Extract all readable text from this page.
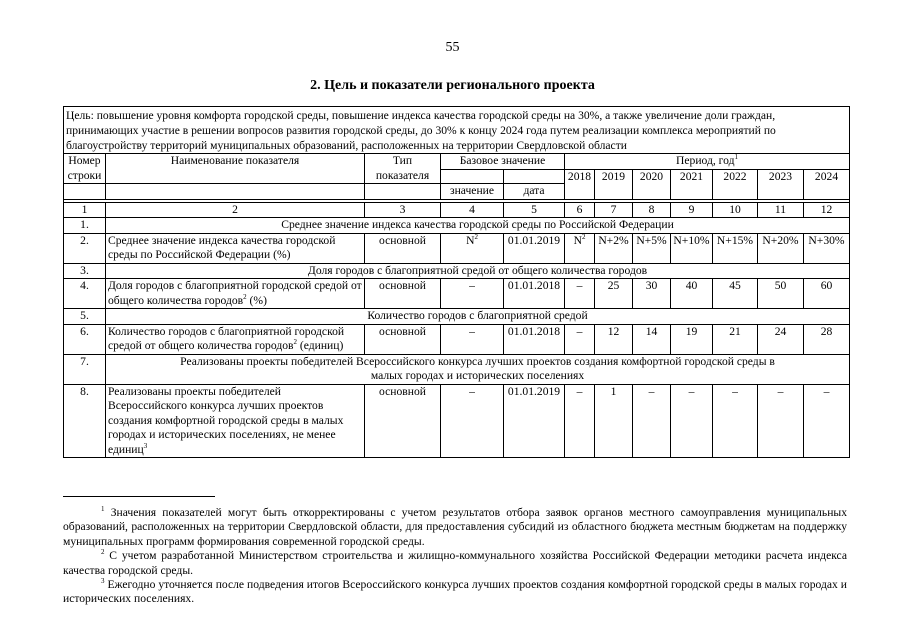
55
2. Цель и показатели регионального проекта
Цель: повышение уровня комфорта городской среды, повышение индекса качества городской среды на 30%, а также увеличение доли граждан, принимающих участие в решении вопросов развития городской среды, до 30% к концу 2024 года путем реализации комплекса мероприятий по благоустройству территорий муниципальных образований, расположенных на территории Свердловской области											
Номер строки	Наименование показателя	Тип показателя	Базовое значение		Период, год$^1$
					2018	2019	2020	2021	2022	2023	2024
			значение	дата							

1	2	3	4	5	6	7	8	9	10	11	12
1.	Среднее значение индекса качества городской среды по Российской Федерации										
2.	Среднее значение индекса качества городской среды по Российской Федерации (%)	основной	$N^2$	01.01.2019	$N^2$	N+2%	N+5%	N+10%	N+15%	N+20%	N+30%
3.	Доля городов с благоприятной средой от общего количества городов										
4.	Доля городов с благоприятной городской средой от общего количества городов$^2$ (%)	основной	–	01.01.2018	–	25	30	40	45	50	60
5.	Количество городов с благоприятной средой										
6.	Количество городов с благоприятной городской средой от общего количества городов$^2$ (единиц)	основной	–	01.01.2018	–	12	14	19	21	24	28
7.	Реализованы проекты победителей Всероссийского конкурса лучших проектов создания комфортной городской среды в малых городах и исторических поселениях										
8.	Реализованы проекты победителей Всероссийского конкурса лучших проектов создания комфортной городской среды в малых городах и исторических поселениях, не менее единиц$^3$	основной	–	01.01.2019	–	1	–	–	–	–	–

$^1$ Значения показателей могут быть откорректированы с учетом результатов отбора заявок органов местного самоуправления муниципальных образований, расположенных на территории Свердловской области, для предоставления субсидий из областного бюджета местным бюджетам на поддержку муниципальных программ формирования современной городской среды.

$^2$ С учетом разработанной Министерством строительства и жилищно-коммунального хозяйства Российской Федерации методики расчета индекса качества городской среды.

$^3$ Ежегодно уточняется после подведения итогов Всероссийского конкурса лучших проектов создания комфортной городской среды в малых городах и исторических поселениях.
